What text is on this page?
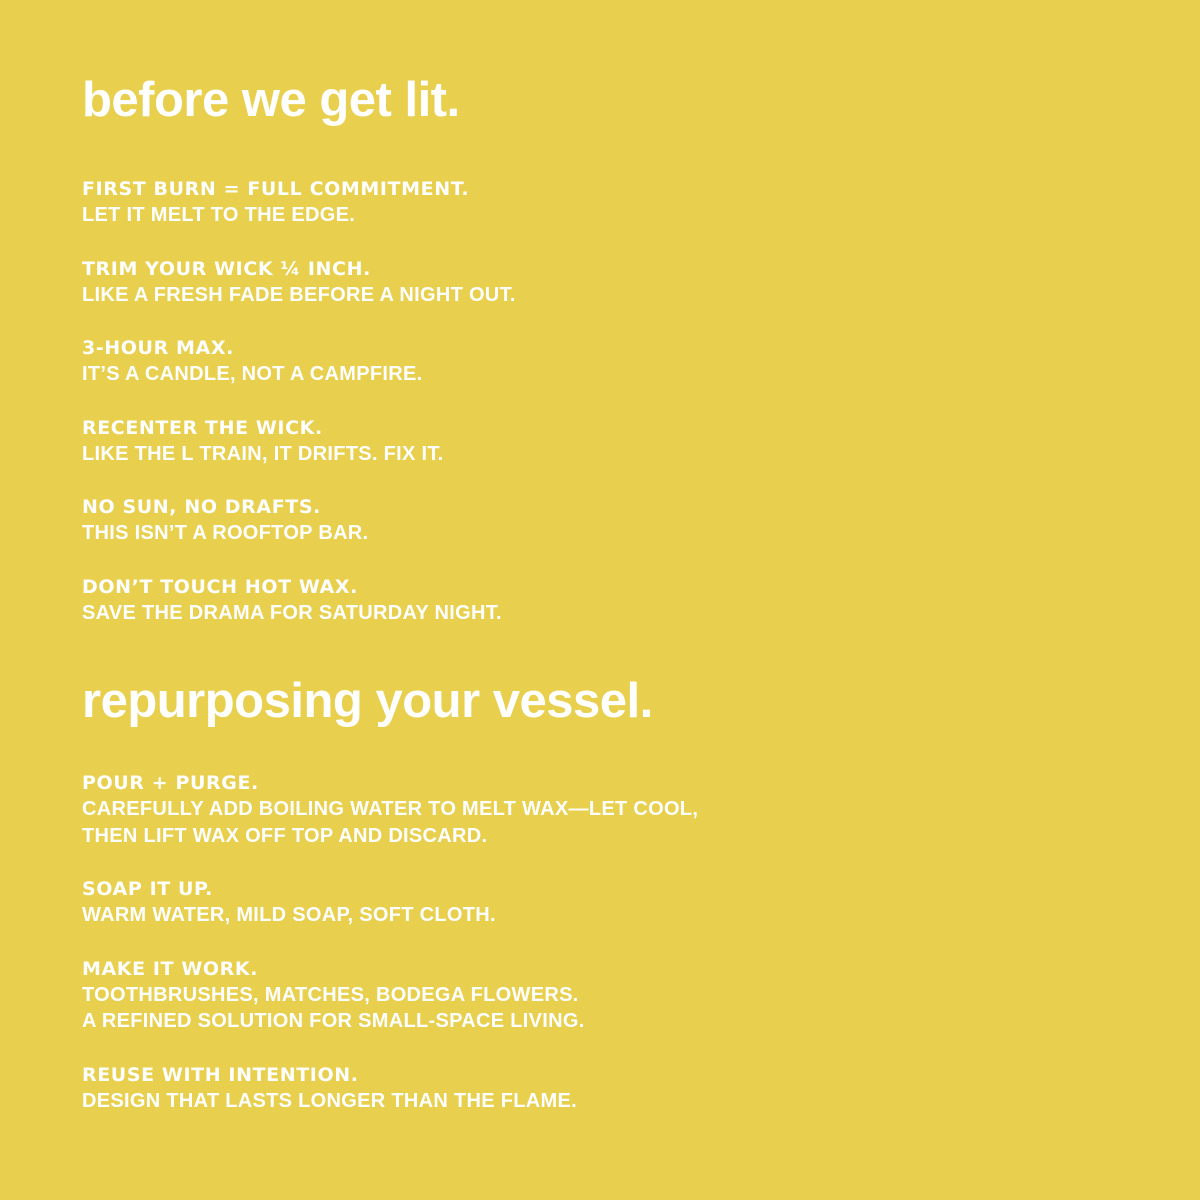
before we get lit.
FIRST BURN = FULL COMMITMENT.
LET IT MELT TO THE EDGE.
TRIM YOUR WICK ¼ INCH.
LIKE A FRESH FADE BEFORE A NIGHT OUT.
3-HOUR MAX.
IT’S A CANDLE, NOT A CAMPFIRE.
RECENTER THE WICK.
LIKE THE L TRAIN, IT DRIFTS. FIX IT.
NO SUN, NO DRAFTS.
THIS ISN’T A ROOFTOP BAR.
DON’T TOUCH HOT WAX.
SAVE THE DRAMA FOR SATURDAY NIGHT.
repurposing your vessel.
POUR + PURGE.
CAREFULLY ADD BOILING WATER TO MELT WAX—LET COOL,
THEN LIFT WAX OFF TOP AND DISCARD.
SOAP IT UP.
WARM WATER, MILD SOAP, SOFT CLOTH.
MAKE IT WORK.
TOOTHBRUSHES, MATCHES, BODEGA FLOWERS.
A REFINED SOLUTION FOR SMALL-SPACE LIVING.
REUSE WITH INTENTION.
DESIGN THAT LASTS LONGER THAN THE FLAME.
